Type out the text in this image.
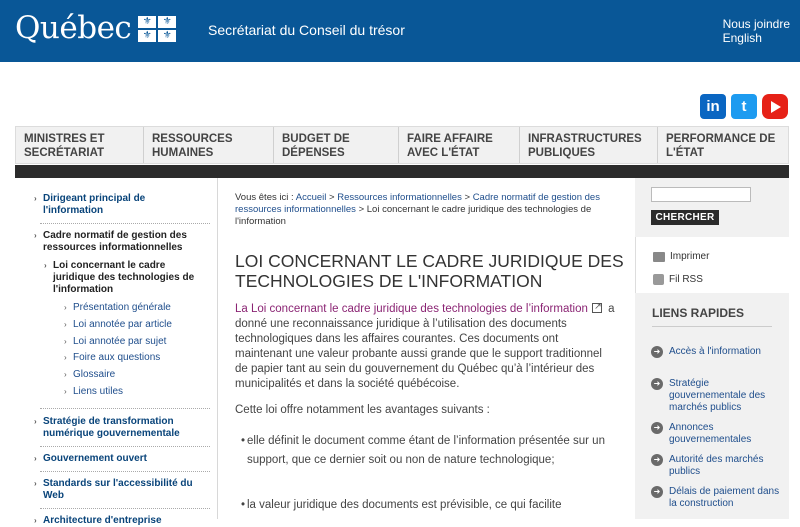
Québec	⚜	⚜
⚜	⚜	Secrétariat du Conseil du trésor	Nous joindre
English
in t
MINISTRES ET SECRÉTARIAT
RESSOURCES HUMAINES
BUDGET DE DÉPENSES
FAIRE AFFAIRE AVEC L'ÉTAT
INFRASTRUCTURES PUBLIQUES
PERFORMANCE DE L'ÉTAT
› Dirigeant principal de l'information
› Cadre normatif de gestion des ressources informationnelles
› Loi concernant le cadre juridique des technologies de l'information
› Présentation générale
› Loi annotée par article
› Loi annotée par sujet
› Foire aux questions
› Glossaire
› Liens utiles
› Stratégie de transformation numérique gouvernementale
› Gouvernement ouvert
› Standards sur l'accessibilité du Web
› Architecture d'entreprise
Vous êtes ici : Accueil > Ressources informationnelles > Cadre normatif de gestion des ressources informationnelles > Loi concernant le cadre juridique des technologies de l'information
LOI CONCERNANT LE CADRE JURIDIQUE DES TECHNOLOGIES DE L'INFORMATION

La Loi concernant le cadre juridique des technologies de l’information ↗ a donné une reconnaissance juridique à l’utilisation des documents technologiques dans les affaires courantes. Ces documents ont maintenant une valeur probante aussi grande que le support traditionnel de papier tant au sein du gouvernement du Québec qu’à l’intérieur des municipalités et dans la société québécoise.

Cette loi offre notamment les avantages suivants :

• elle définit le document comme étant de l’information présentée sur un support, que ce dernier soit ou non de nature technologique;
• la valeur juridique des documents est prévisible, ce qui facilite
CHERCHER
Imprimer
Fil RSS
LIENS RAPIDES
➜ Accès à l'information
➜ Stratégie gouvernementale des marchés publics
➜ Annonces gouvernementales
➜ Autorité des marchés publics
➜ Délais de paiement dans la construction
